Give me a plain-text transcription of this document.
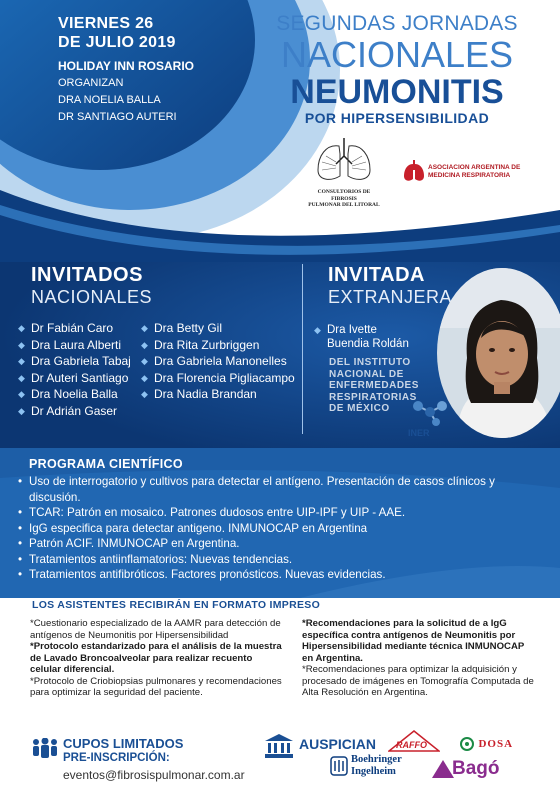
VIERNES 26
DE JULIO 2019
HOLIDAY INN ROSARIO
ORGANIZAN
DRA NOELIA BALLA
DR SANTIAGO AUTERI
SEGUNDAS JORNADAS
NACIONALES
NEUMONITIS
POR HIPERSENSIBILIDAD
CONSULTORIOS DE FIBROSIS
PULMONAR DEL LITORAL
ASOCIACION ARGENTINA DE
MEDICINA RESPIRATORIA
INVITADOS
NACIONALES
◆ Dr Fabián Caro
◆ Dra Laura Alberti
◆ Dra Gabriela Tabaj
◆ Dr Auteri Santiago
◆ Dra Noelia Balla
◆ Dr Adrián Gaser
◆ Dra Betty Gil
◆ Dra Rita Zurbriggen
◆ Dra Gabriela Manonelles
◆ Dra Florencia Pigliacampo
◆ Dra Nadia Brandan
INVITADA
EXTRANJERA
◆ Dra Ivette
Buendia Roldán
DEL INSTITUTO
NACIONAL DE
ENFERMEDADES
RESPIRATORIAS
DE MÉXICO
INER
PROGRAMA CIENTÍFICO
• Uso de interrogatorio y cultivos para detectar el antígeno. Presentación de casos clínicos y discusión.
• TCAR: Patrón en mosaico. Patrones dudosos entre UIP-IPF y UIP - AAE.
• IgG especifica para detectar antigeno. INMUNOCAP en Argentina
• Patrón ACIF. INMUNOCAP en Argentina.
• Tratamientos antiinflamatorios: Nuevas tendencias.
• Tratamientos antifibróticos. Factores pronósticos. Nuevas evidencias.
LOS ASISTENTES RECIBIRÁN EN FORMATO IMPRESO

*Cuestionario especializado de la AAMR para detección de antígenos de Neumonitis por Hipersensibilidad

*Protocolo estandarizado para el análisis de la muestra de Lavado Broncoalveolar para realizar recuento celular diferencial.

*Protocolo de Criobiopsias pulmonares y recomendaciones para optimizar la seguridad del paciente.

*Recomendaciones para la solicitud de a IgG específica contra antígenos de Neumonitis por Hipersensibilidad mediante técnica INMUNOCAP en Argentina.

*Recomendaciones para optimizar la adquisición y procesado de imágenes en Tomografía Computada de Alta Resolución en Argentina.

CUPOS LIMITADOS
PRE-INSCRIPCIÓN:
eventos@fibrosispulmonar.com.ar
AUSPICIAN RAFFO	DOSA
Boehringer
Ingelheim	Bagó
